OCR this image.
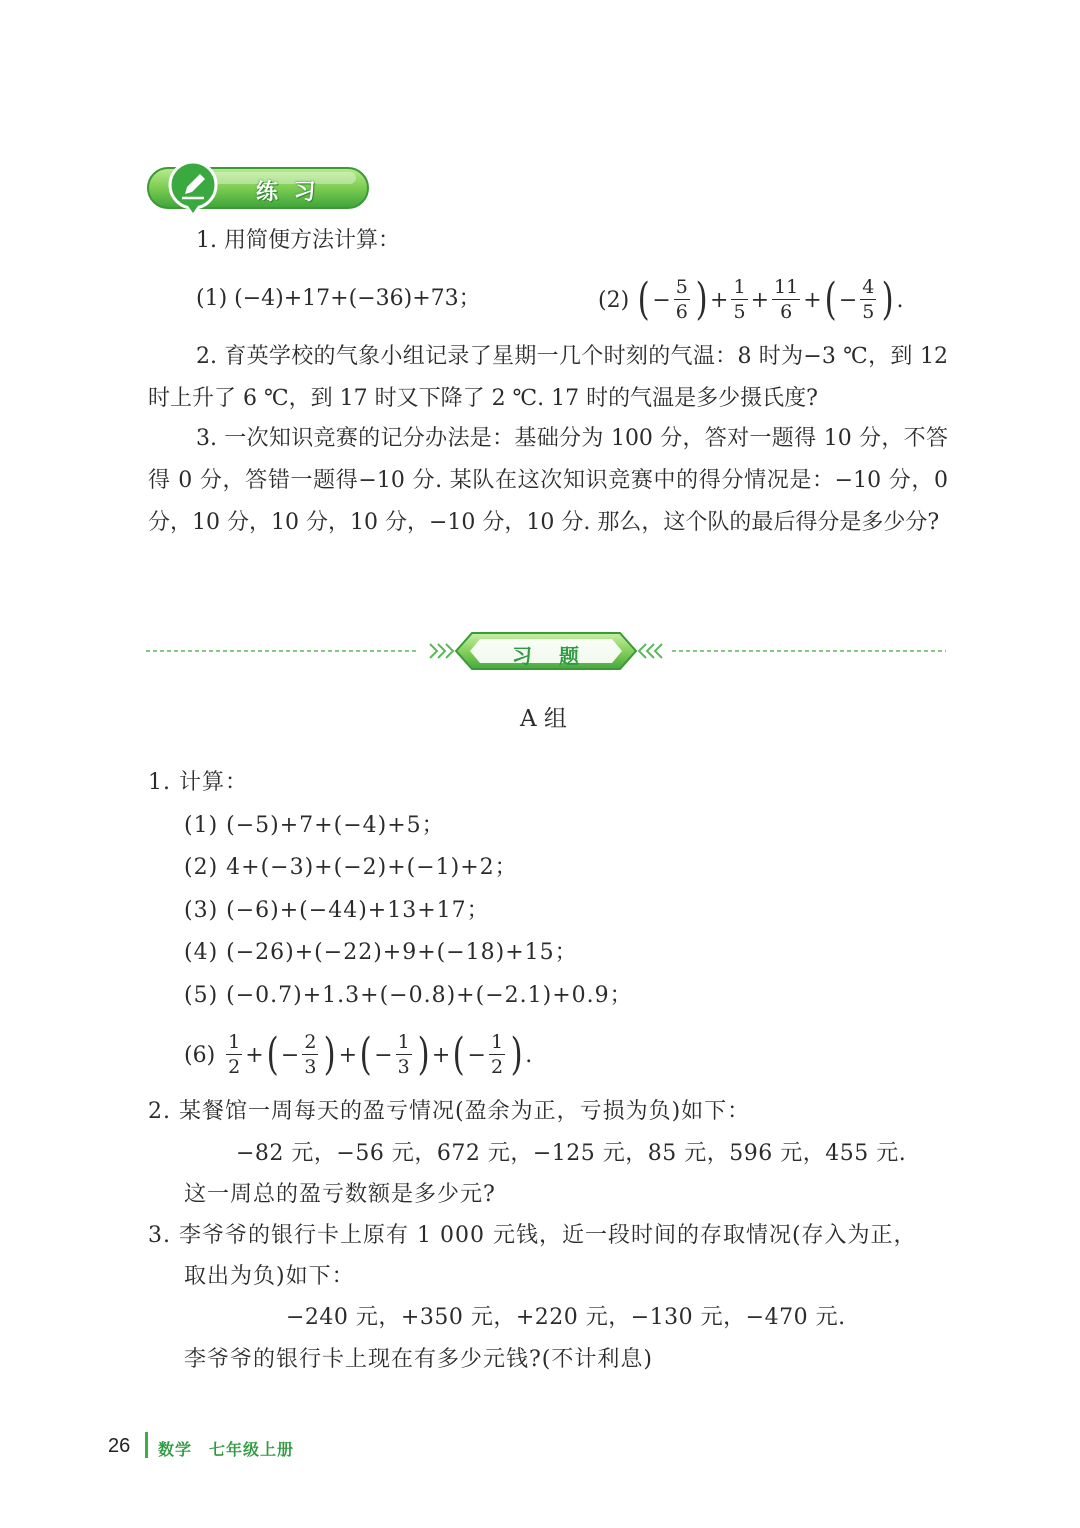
练 习
1. 用简便方法计算：
(1) (−4)+17+(−36)+73；	(2) ( − $\frac{5}{6}$ ) + $\frac{1}{5} + \frac{11}{6}$ + ( − $\frac{4}{5}$ ) .
2. 育英学校的气象小组记录了星期一几个时刻的气温：8 时为−3 ℃，到 12 时上升了 6 ℃，到 17 时又下降了 2 ℃. 17 时的气温是多少摄氏度?
3. 一次知识竞赛的记分办法是：基础分为 100 分，答对一题得 10 分，不答得 0 分，答错一题得−10 分. 某队在这次知识竞赛中的得分情况是：−10 分，0 分，10 分，10 分，10 分，−10 分，10 分. 那么，这个队的最后得分是多少分?
习 题
A 组
1. 计算：
(1) (−5)+7+(−4)+5；
(2) 4+(−3)+(−2)+(−1)+2；
(3) (−6)+(−44)+13+17；
(4) (−26)+(−22)+9+(−18)+15；
(5) (−0.7)+1.3+(−0.8)+(−2.1)+0.9；
$(6) \frac{1}{2}$ + ( − $\frac{2}{3}$ ) + ( − $\frac{1}{3}$ ) + ( − $\frac{1}{2}$ ) .
2. 某餐馆一周每天的盈亏情况(盈余为正，亏损为负)如下：
−82 元，−56 元，672 元，−125 元，85 元，596 元，455 元.
这一周总的盈亏数额是多少元?
3. 李爷爷的银行卡上原有 1 000 元钱，近一段时间的存取情况(存入为正，
取出为负)如下：
−240 元，+350 元，+220 元，−130 元，−470 元.
李爷爷的银行卡上现在有多少元钱?(不计利息)
26 数学　七年级上册
